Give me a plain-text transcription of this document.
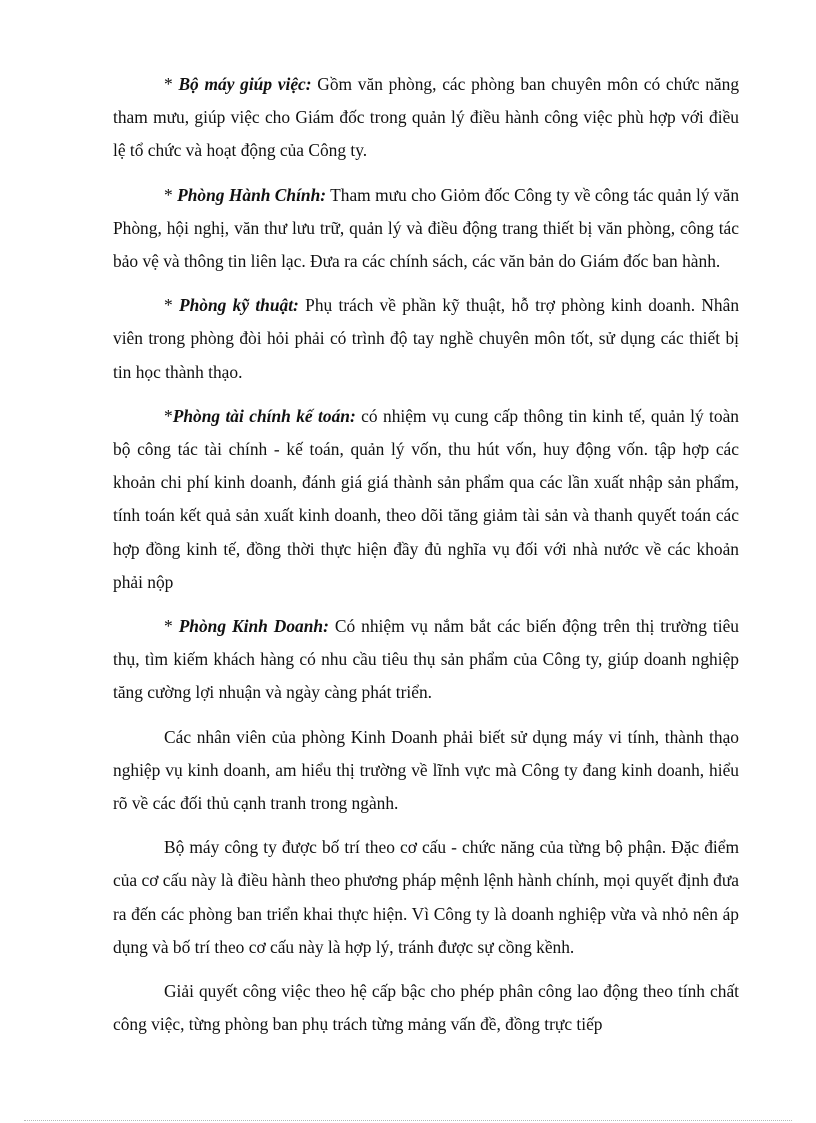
* Bộ máy giúp việc: Gồm văn phòng, các phòng ban chuyên môn có chức năng tham mưu, giúp việc cho Giám đốc trong quản lý điều hành công việc phù hợp với điều lệ tổ chức và hoạt động của Công ty.

* Phòng Hành Chính: Tham mưu cho Giỏm đốc Công ty về công tác quản lý văn Phòng, hội nghị, văn thư lưu trữ, quản lý và điều động trang thiết bị văn phòng, công tác bảo vệ và thông tin liên lạc. Đưa ra các chính sách, các văn bản do Giám đốc ban hành.

* Phòng kỹ thuật: Phụ trách về phần kỹ thuật, hỗ trợ phòng kinh doanh. Nhân viên trong phòng đòi hỏi phải có trình độ tay nghề chuyên môn tốt, sử dụng các thiết bị tin học thành thạo.

*Phòng tài chính kế toán: có nhiệm vụ cung cấp thông tin kinh tế, quản lý toàn bộ công tác tài chính - kế toán, quản lý vốn, thu hút vốn, huy động vốn. tập hợp các khoản chi phí kinh doanh, đánh giá giá thành sản phẩm qua các lần xuất nhập sản phẩm, tính toán kết quả sản xuất kinh doanh, theo dõi tăng giảm tài sản và thanh quyết toán các hợp đồng kinh tế, đồng thời thực hiện đầy đủ nghĩa vụ đối với nhà nước về các khoản phải nộp

* Phòng Kinh Doanh: Có nhiệm vụ nắm bắt các biến động trên thị trường tiêu thụ, tìm kiếm khách hàng có nhu cầu tiêu thụ sản phẩm của Công ty, giúp doanh nghiệp tăng cường lợi nhuận và ngày càng phát triển.

Các nhân viên của phòng Kinh Doanh phải biết sử dụng máy vi tính, thành thạo nghiệp vụ kinh doanh, am hiểu thị trường về lĩnh vực mà Công ty đang kinh doanh, hiểu rõ về các đối thủ cạnh tranh trong ngành.

Bộ máy công ty được bố trí theo cơ cấu - chức năng của từng bộ phận. Đặc điểm của cơ cấu này là điều hành theo phương pháp mệnh lệnh hành chính, mọi quyết định đưa ra đến các phòng ban triển khai thực hiện. Vì Công ty là doanh nghiệp vừa và nhỏ nên áp dụng và bố trí theo cơ cấu này là hợp lý, tránh được sự cồng kềnh.

Giải quyết công việc theo hệ cấp bậc cho phép phân công lao động theo tính chất công việc, từng phòng ban phụ trách từng mảng vấn đề, đồng trực tiếp
